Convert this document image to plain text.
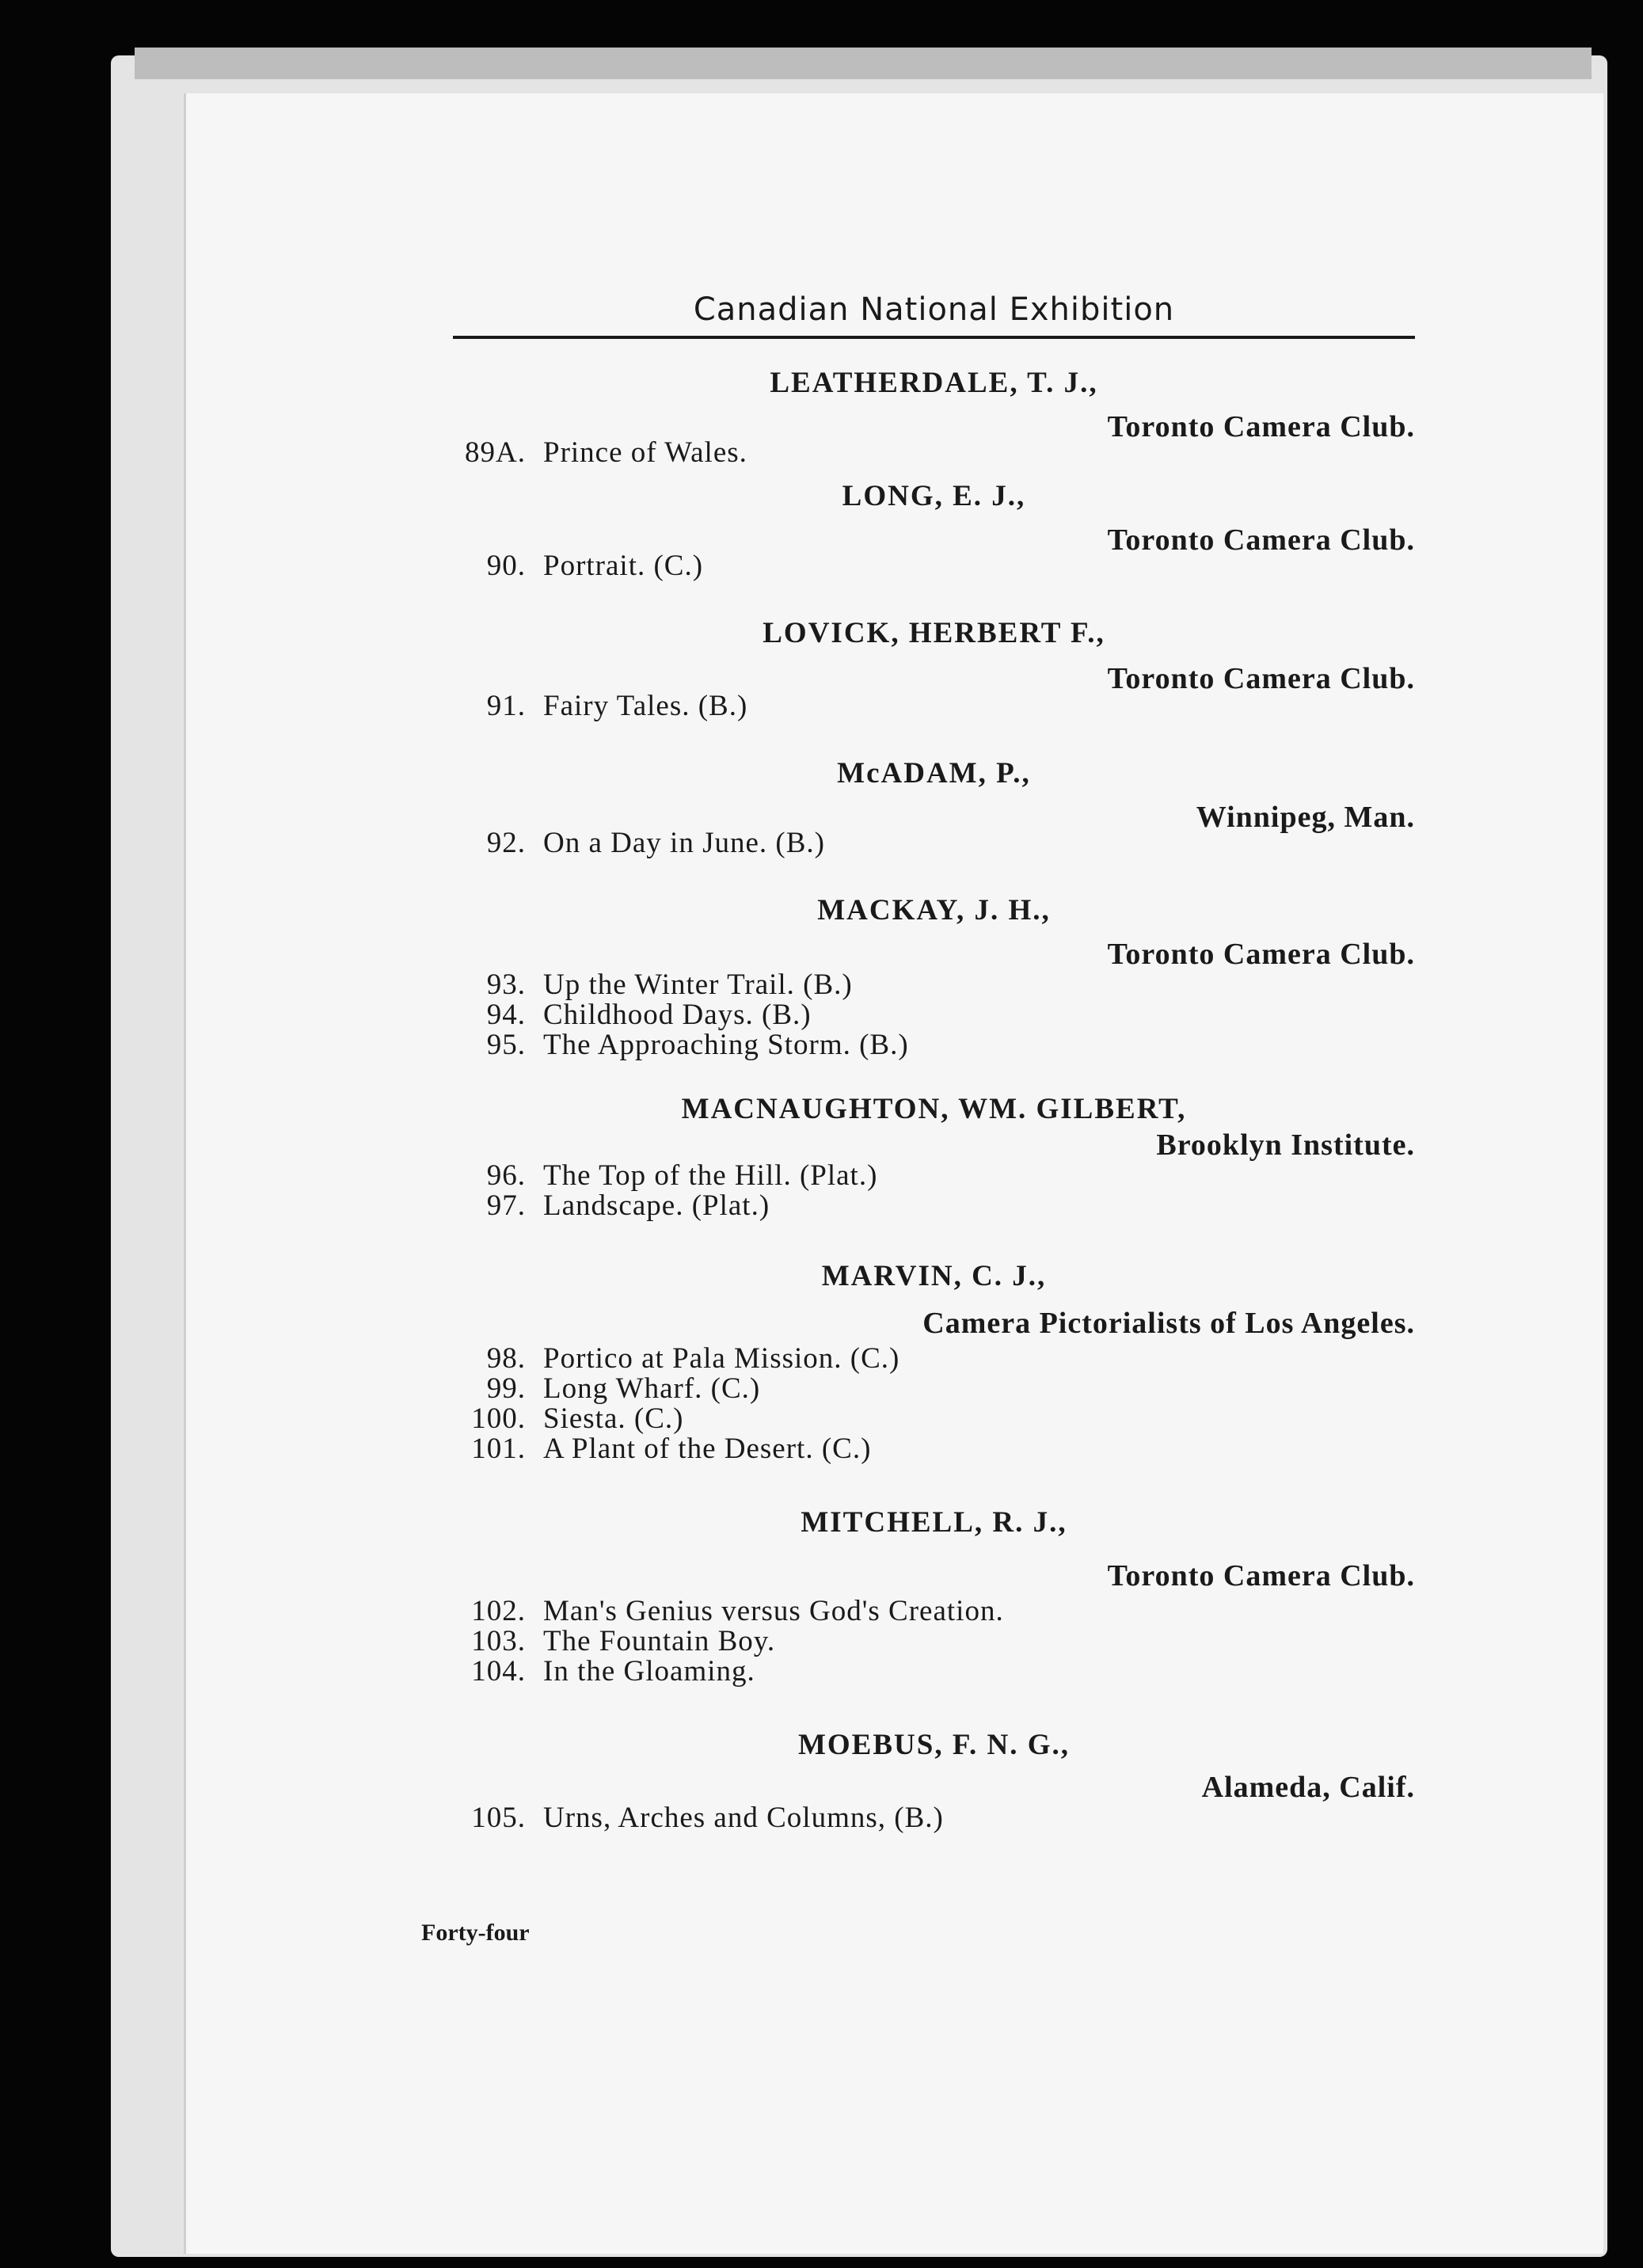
Canadian National Exhibition
LEATHERDALE, T. J.,
Toronto Camera Club.
89A. Prince of Wales.
LONG, E. J.,
Toronto Camera Club.
90. Portrait. (C.)
LOVICK, HERBERT F.,
Toronto Camera Club.
91. Fairy Tales. (B.)
McADAM, P.,
Winnipeg, Man.
92. On a Day in June. (B.)
MACKAY, J. H.,
Toronto Camera Club.
93. Up the Winter Trail. (B.)
94. Childhood Days. (B.)
95. The Approaching Storm. (B.)
MACNAUGHTON, WM. GILBERT,
Brooklyn Institute.
96. The Top of the Hill. (Plat.)
97. Landscape. (Plat.)
MARVIN, C. J.,
Camera Pictorialists of Los Angeles.
98. Portico at Pala Mission. (C.)
99. Long Wharf. (C.)
100. Siesta. (C.)
101. A Plant of the Desert. (C.)
MITCHELL, R. J.,
Toronto Camera Club.
102. Man's Genius versus God's Creation.
103. The Fountain Boy.
104. In the Gloaming.
MOEBUS, F. N. G.,
Alameda, Calif.
105. Urns, Arches and Columns, (B.)
Forty-four
